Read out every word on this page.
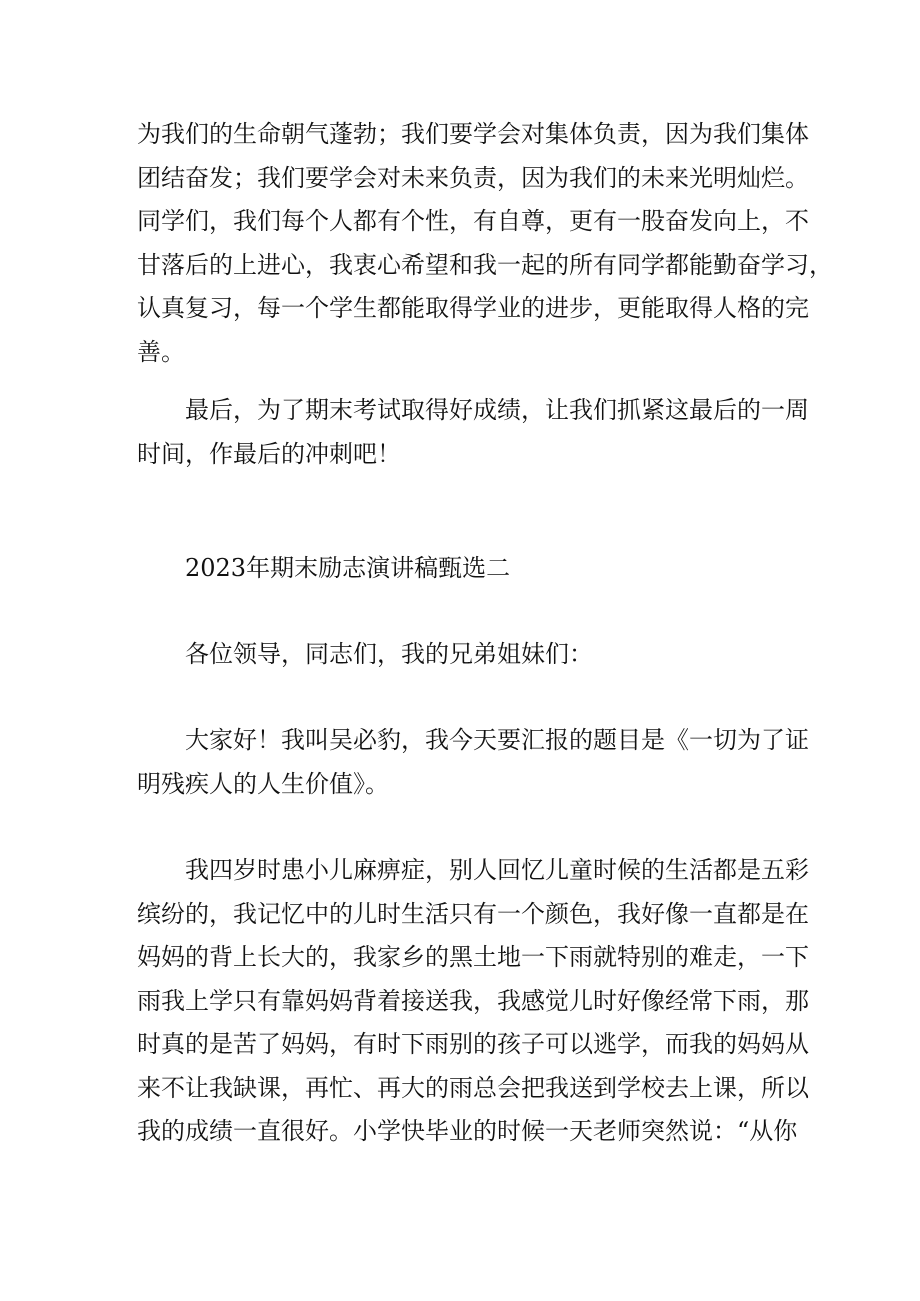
为我们的生命朝气蓬勃；我们要学会对集体负责，因为我们集体
团结奋发；我们要学会对未来负责，因为我们的未来光明灿烂。
同学们，我们每个人都有个性，有自尊，更有一股奋发向上，不
甘落后的上进心，我衷心希望和我一起的所有同学都能勤奋学习，
认真复习，每一个学生都能取得学业的进步，更能取得人格的完
善。
最后，为了期末考试取得好成绩，让我们抓紧这最后的一周
时间，作最后的冲刺吧！
2023年期末励志演讲稿甄选二
各位领导，同志们，我的兄弟姐妹们：
大家好！我叫吴必豹，我今天要汇报的题目是《一切为了证
明残疾人的人生价值》。
我四岁时患小儿麻痹症，别人回忆儿童时候的生活都是五彩
缤纷的，我记忆中的儿时生活只有一个颜色，我好像一直都是在
妈妈的背上长大的，我家乡的黑土地一下雨就特别的难走，一下
雨我上学只有靠妈妈背着接送我，我感觉儿时好像经常下雨，那
时真的是苦了妈妈，有时下雨别的孩子可以逃学，而我的妈妈从
来不让我缺课，再忙、再大的雨总会把我送到学校去上课，所以
我的成绩一直很好。小学快毕业的时候一天老师突然说：“从你
